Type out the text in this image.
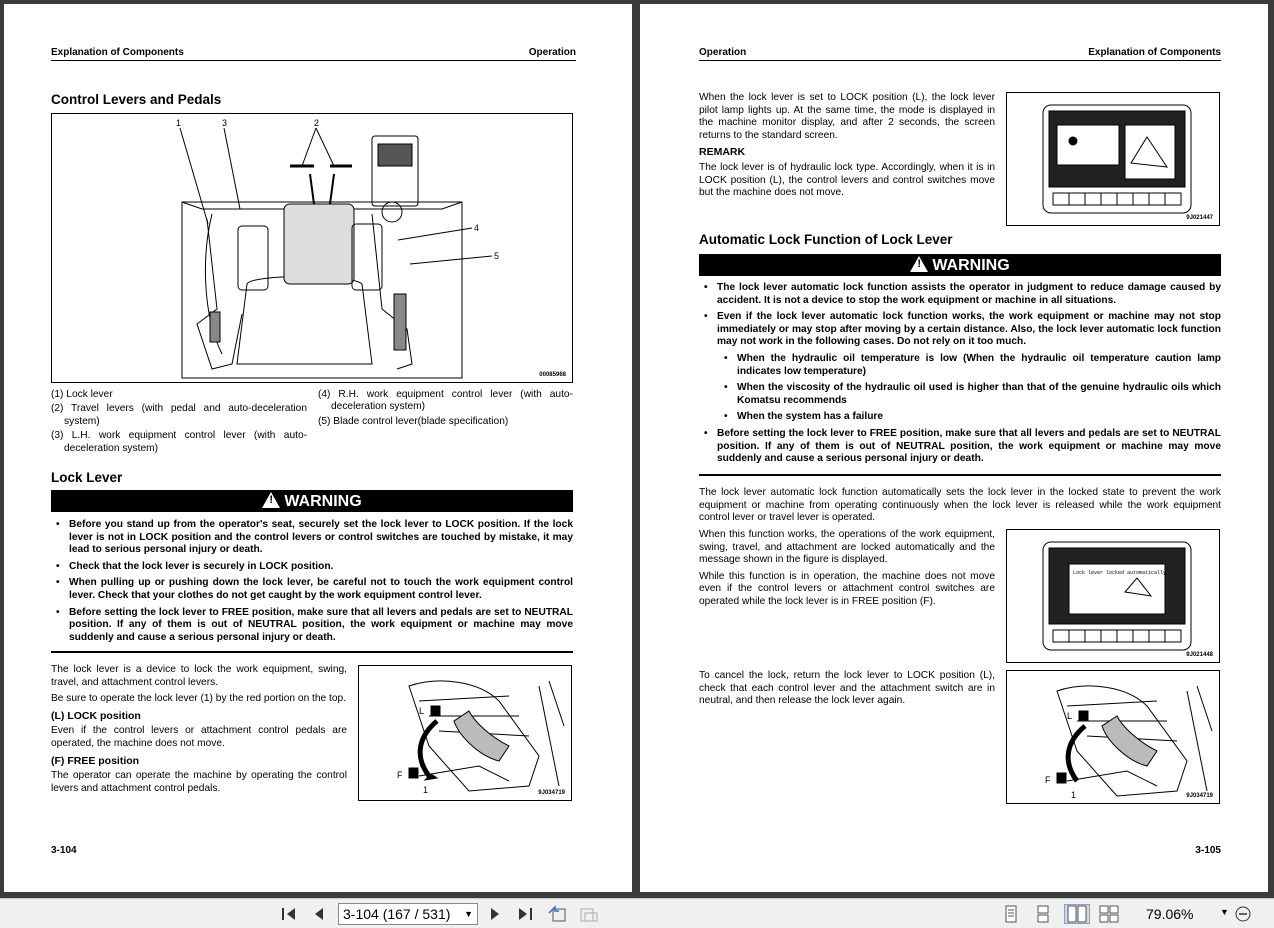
Explanation of Components	Operation
Control Levers and Pedals
1	3	2
4
5
00085968
(1) Lock lever
(2) Travel levers (with pedal and auto-deceleration system)
(3) L.H. work equipment control lever (with auto-deceleration system)
(4) R.H. work equipment control lever (with auto-deceleration system)
(5) Blade control lever(blade specification)
Lock Lever
!WARNING
• Before you stand up from the operator's seat, securely set the lock lever to LOCK position. If the lock lever is not in LOCK position and the control levers or control switches are touched by mistake, it may lead to serious personal injury or death.
• Check that the lock lever is securely in LOCK position.
• When pulling up or pushing down the lock lever, be careful not to touch the work equipment control lever. Check that your clothes do not get caught by the work equipment control lever.
• Before setting the lock lever to FREE position, make sure that all levers and pedals are set to NEUTRAL position. If any of them is out of NEUTRAL position, the work equipment or machine may move suddenly and cause a serious personal injury or death.

The lock lever is a device to lock the work equipment, swing, travel, and attachment control levers.

Be sure to operate the lock lever (1) by the red portion on the top.

(L) LOCK position

Even if the control levers or attachment control pedals are operated, the machine does not move.

(F) FREE position

The operator can operate the machine by operating the control levers and attachment control pedals.

L
F
1	9J034719
3-104
Operation	Explanation of Components

When the lock lever is set to LOCK position (L), the lock lever pilot lamp lights up. At the same time, the mode is displayed in the machine monitor display, and after 2 seconds, the screen returns to the standard screen.

REMARK

The lock lever is of hydraulic lock type. Accordingly, when it is in LOCK position (L), the control levers and control switches move but the machine does not move.

9J021447
Automatic Lock Function of Lock Lever
!WARNING
• The lock lever automatic lock function assists the operator in judgment to reduce damage caused by accident. It is not a device to stop the work equipment or machine in all situations.
• Even if the lock lever automatic lock function works, the work equipment or machine may not stop immediately or may stop after moving by a certain distance. Also, the lock lever automatic lock function may not work in the following cases. Do not rely on it too much.
• When the hydraulic oil temperature is low (When the hydraulic oil temperature caution lamp indicates low temperature)
• When the viscosity of the hydraulic oil used is higher than that of the genuine hydraulic oils which Komatsu recommends
• When the system has a failure
• Before setting the lock lever to FREE position, make sure that all levers and pedals are set to NEUTRAL position. If any of them is out of NEUTRAL position, the work equipment or machine may move suddenly and cause a serious personal injury or death.
The lock lever automatic lock function automatically sets the lock lever in the locked state to prevent the work equipment or machine from operating continuously when the lock lever is released while the work equipment control lever or travel lever is operated.

When this function works, the operations of the work equipment, swing, travel, and attachment are locked automatically and the message shown in the figure is displayed.

While this function is in operation, the machine does not move even if the control levers or attachment control switches are operated while the lock lever is in FREE position (F).

Lock lever locked automatically
9J021448
To cancel the lock, return the lock lever to LOCK position (L), check that each control lever and the attachment switch are in neutral, and then release the lock lever again.
L
F
1	9J034719
3-105
3-104 (167 / 531) ▼	79.06%	▼
